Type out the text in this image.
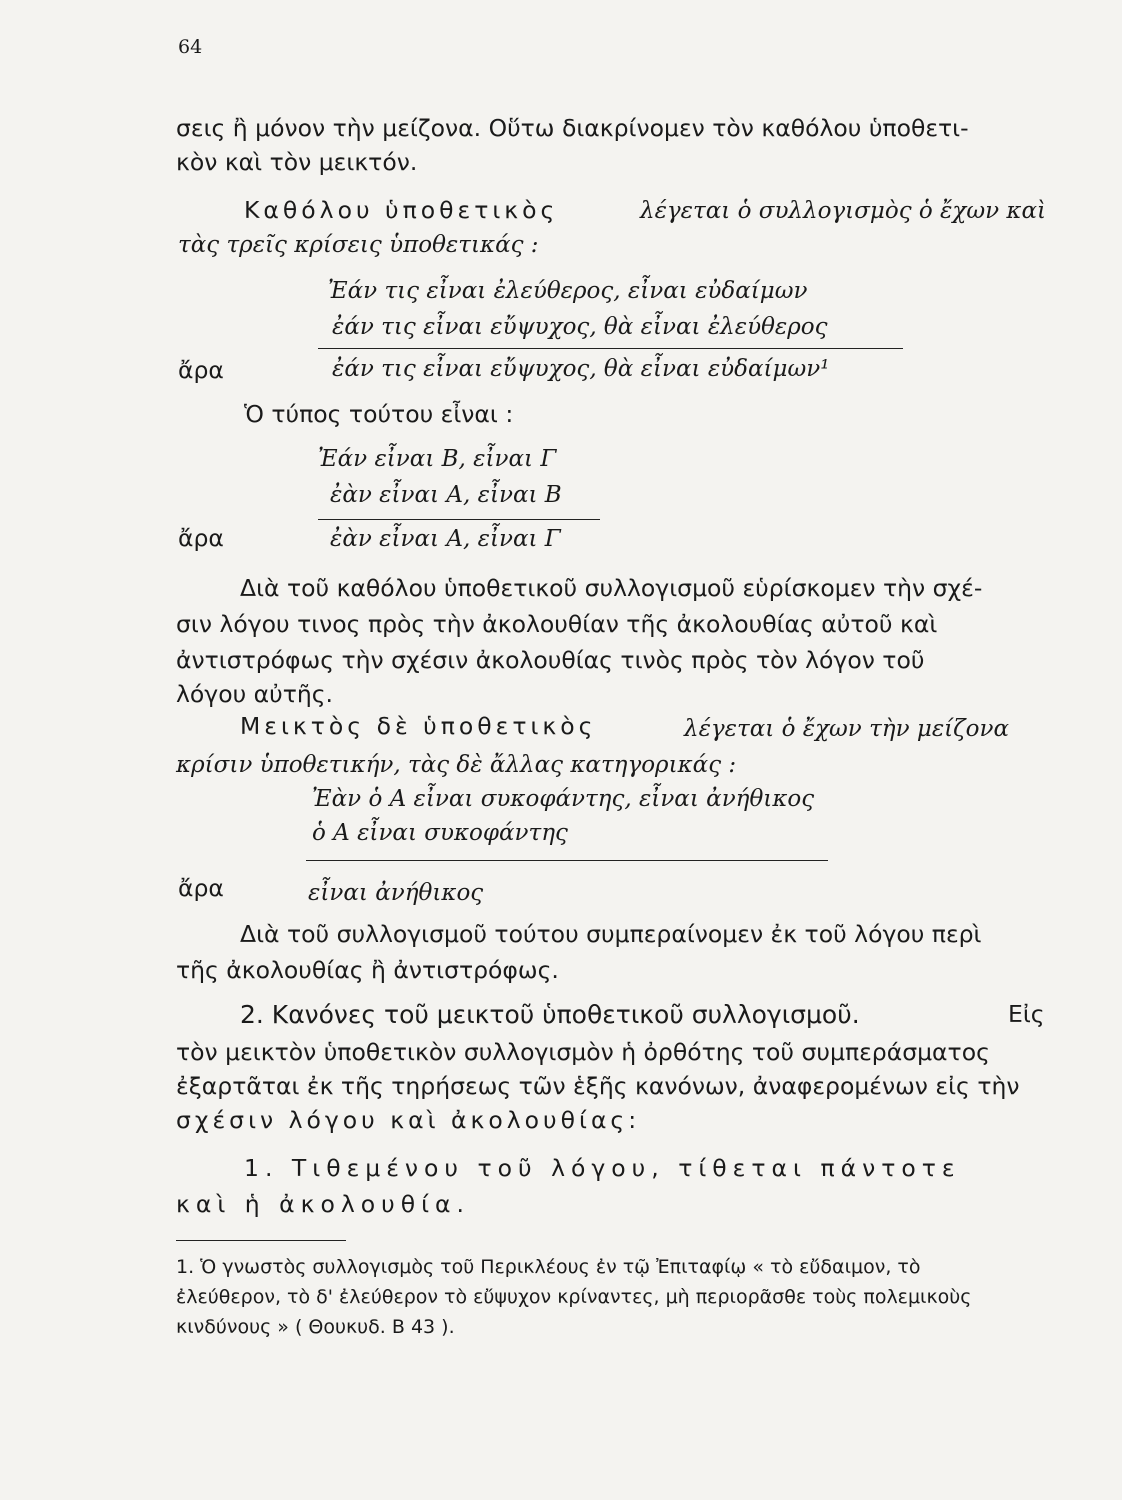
64
σεις ἢ μόνον τὴν μείζονα. Οὕτω διακρίνομεν τὸν καθόλου ὑποθετι-
κὸν καὶ τὸν μεικτόν.
Καθόλου ὑποθετικὸς	λέγεται ὁ συλλογισμὸς ὁ ἔχων καὶ
τὰς τρεῖς κρίσεις ὑποθετικάς :
Ἐάν τις εἶναι ἐλεύθερος, εἶναι εὐδαίμων
ἐάν τις εἶναι εὔψυχος, θὰ εἶναι ἐλεύθερος
ἄρα	ἐάν τις εἶναι εὔψυχος, θὰ εἶναι εὐδαίμων¹
Ὁ τύπος τούτου εἶναι :
Ἐάν εἶναι Β, εἶναι Γ
ἐὰν εἶναι Α, εἶναι Β
ἄρα	ἐὰν εἶναι Α, εἶναι Γ
Διὰ τοῦ καθόλου ὑποθετικοῦ συλλογισμοῦ εὑρίσκομεν τὴν σχέ-
σιν λόγου τινος πρὸς τὴν ἀκολουθίαν τῆς ἀκολουθίας αὐτοῦ καὶ
ἀντιστρόφως τὴν σχέσιν ἀκολουθίας τινὸς πρὸς τὸν λόγον τοῦ
λόγου αὐτῆς.
Μεικτὸς δὲ ὑποθετικὸς	λέγεται ὁ ἔχων τὴν μείζονα
κρίσιν ὑποθετικήν, τὰς δὲ ἄλλας κατηγορικάς :
Ἐὰν ὁ Α εἶναι συκοφάντης, εἶναι ἀνήθικος
ὁ Α εἶναι συκοφάντης
ἄρα	εἶναι ἀνήθικος
Διὰ τοῦ συλλογισμοῦ τούτου συμπεραίνομεν ἐκ τοῦ λόγου περὶ
τῆς ἀκολουθίας ἢ ἀντιστρόφως.
2. Κανόνες τοῦ μεικτοῦ ὑποθετικοῦ συλλογισμοῦ.	Εἰς
τὸν μεικτὸν ὑποθετικὸν συλλογισμὸν ἡ ὀρθότης τοῦ συμπεράσματος
ἐξαρτᾶται ἐκ τῆς τηρήσεως τῶν ἑξῆς κανόνων, ἀναφερομένων εἰς τὴν
σχέσιν λόγου καὶ ἀκολουθίας:
1. Τιθεμένου τοῦ λόγου, τίθεται πάντοτε
καὶ ἡ ἀκολουθία.
1. Ὁ γνωστὸς συλλογισμὸς τοῦ Περικλέους ἐν τῷ Ἐπιταφίῳ « τὸ εὔδαιμον, τὸ
ἐλεύθερον, τὸ δ' ἐλεύθερον τὸ εὔψυχον κρίναντες, μὴ περιορᾶσθε τοὺς πολεμικοὺς
κινδύνους » ( Θουκυδ. Β 43 ).
